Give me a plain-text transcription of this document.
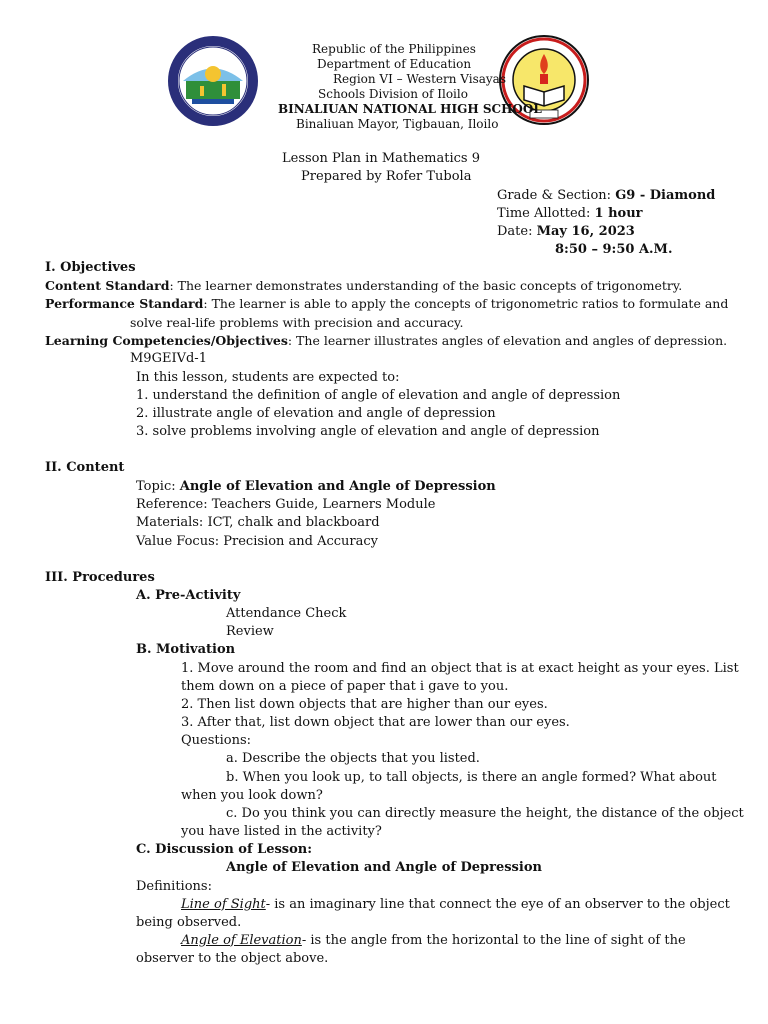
Republic of the Philippines
Department of Education
Region VI – Western Visayas
Schools Division of Iloilo
BINALIUAN NATIONAL HIGH SCHOOL
Binaliuan Mayor, Tigbauan, Iloilo
Lesson Plan in Mathematics 9
Prepared by Rofer Tubola
Grade & Section: G9 - Diamond
Time Allotted: 1 hour
Date: May 16, 2023
8:50 – 9:50 A.M.
I. Objectives
Content Standard: The learner demonstrates understanding of the basic concepts of trigonometry.
Performance Standard: The learner is able to apply the concepts of trigonometric ratios to formulate and
solve real-life problems with precision and accuracy.
Learning Competencies/Objectives: The learner illustrates angles of elevation and angles of depression.
M9GEIVd-1
In this lesson, students are expected to:
1. understand the definition of angle of elevation and angle of depression
2. illustrate angle of elevation and angle of depression
3. solve problems involving angle of elevation and angle of depression
II. Content
Topic: Angle of Elevation and Angle of Depression
Reference: Teachers Guide, Learners Module
Materials: ICT, chalk and blackboard
Value Focus: Precision and Accuracy
III. Procedures
A. Pre-Activity
Attendance Check
Review
B. Motivation
1. Move around the room and find an object that is at exact height as your eyes. List
them down on a piece of paper that i gave to you.
2. Then list down objects that are higher than our eyes.
3. After that, list down object that are lower than our eyes.
Questions:
a. Describe the objects that you listed.
b. When you look up, to tall objects, is there an angle formed? What about
when you look down?
c. Do you think you can directly measure the height, the distance of the object
you have listed in the activity?
C. Discussion of Lesson:
Angle of Elevation and Angle of Depression
Definitions:
Line of Sight- is an imaginary line that connect the eye of an observer to the object
being observed.
Angle of Elevation- is the angle from the horizontal to the line of sight of the
observer to the object above.
